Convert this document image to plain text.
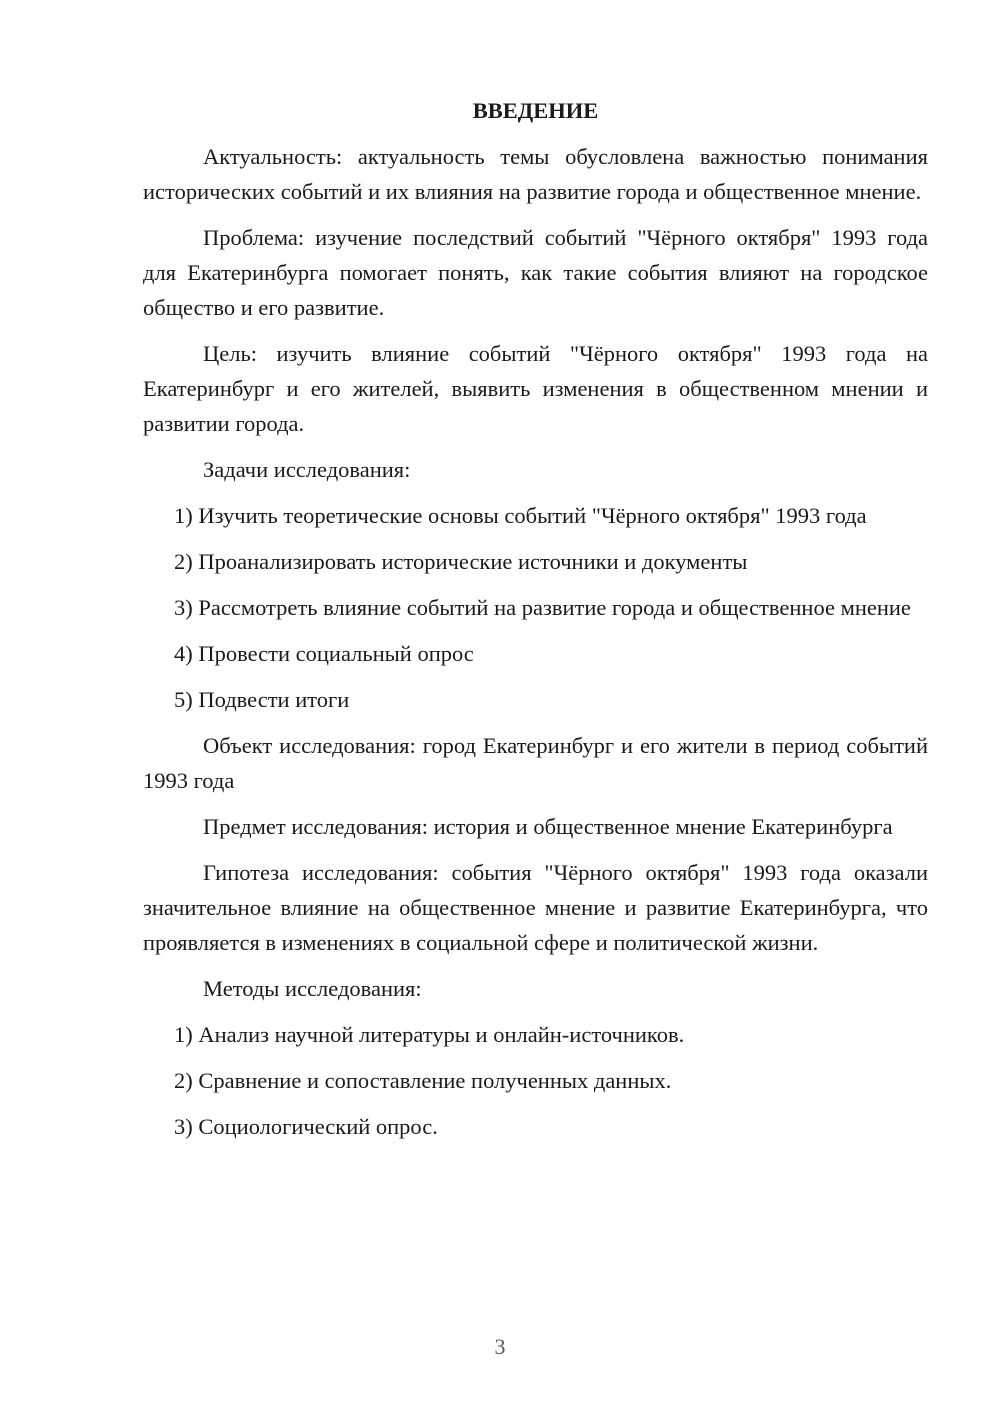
ВВЕДЕНИЕ

Актуальность: актуальность темы обусловлена важностью понимания исторических событий и их влияния на развитие города и общественное мнение.

Проблема: изучение последствий событий "Чёрного октября" 1993 года для Екатеринбурга помогает понять, как такие события влияют на городское общество и его развитие.

Цель: изучить влияние событий "Чёрного октября" 1993 года на Екатеринбург и его жителей, выявить изменения в общественном мнении и развитии города.

Задачи исследования:

1) Изучить теоретические основы событий "Чёрного октября" 1993 года

2) Проанализировать исторические источники и документы

3) Рассмотреть влияние событий на развитие города и общественное мнение

4) Провести социальный опрос

5) Подвести итоги

Объект исследования: город Екатеринбург и его жители в период событий 1993 года

Предмет исследования: история и общественное мнение Екатеринбурга

Гипотеза исследования: события "Чёрного октября" 1993 года оказали значительное влияние на общественное мнение и развитие Екатеринбурга, что проявляется в изменениях в социальной сфере и политической жизни.

Методы исследования:

1) Анализ научной литературы и онлайн-источников.

2) Сравнение и сопоставление полученных данных.

3) Социологический опрос.

3
